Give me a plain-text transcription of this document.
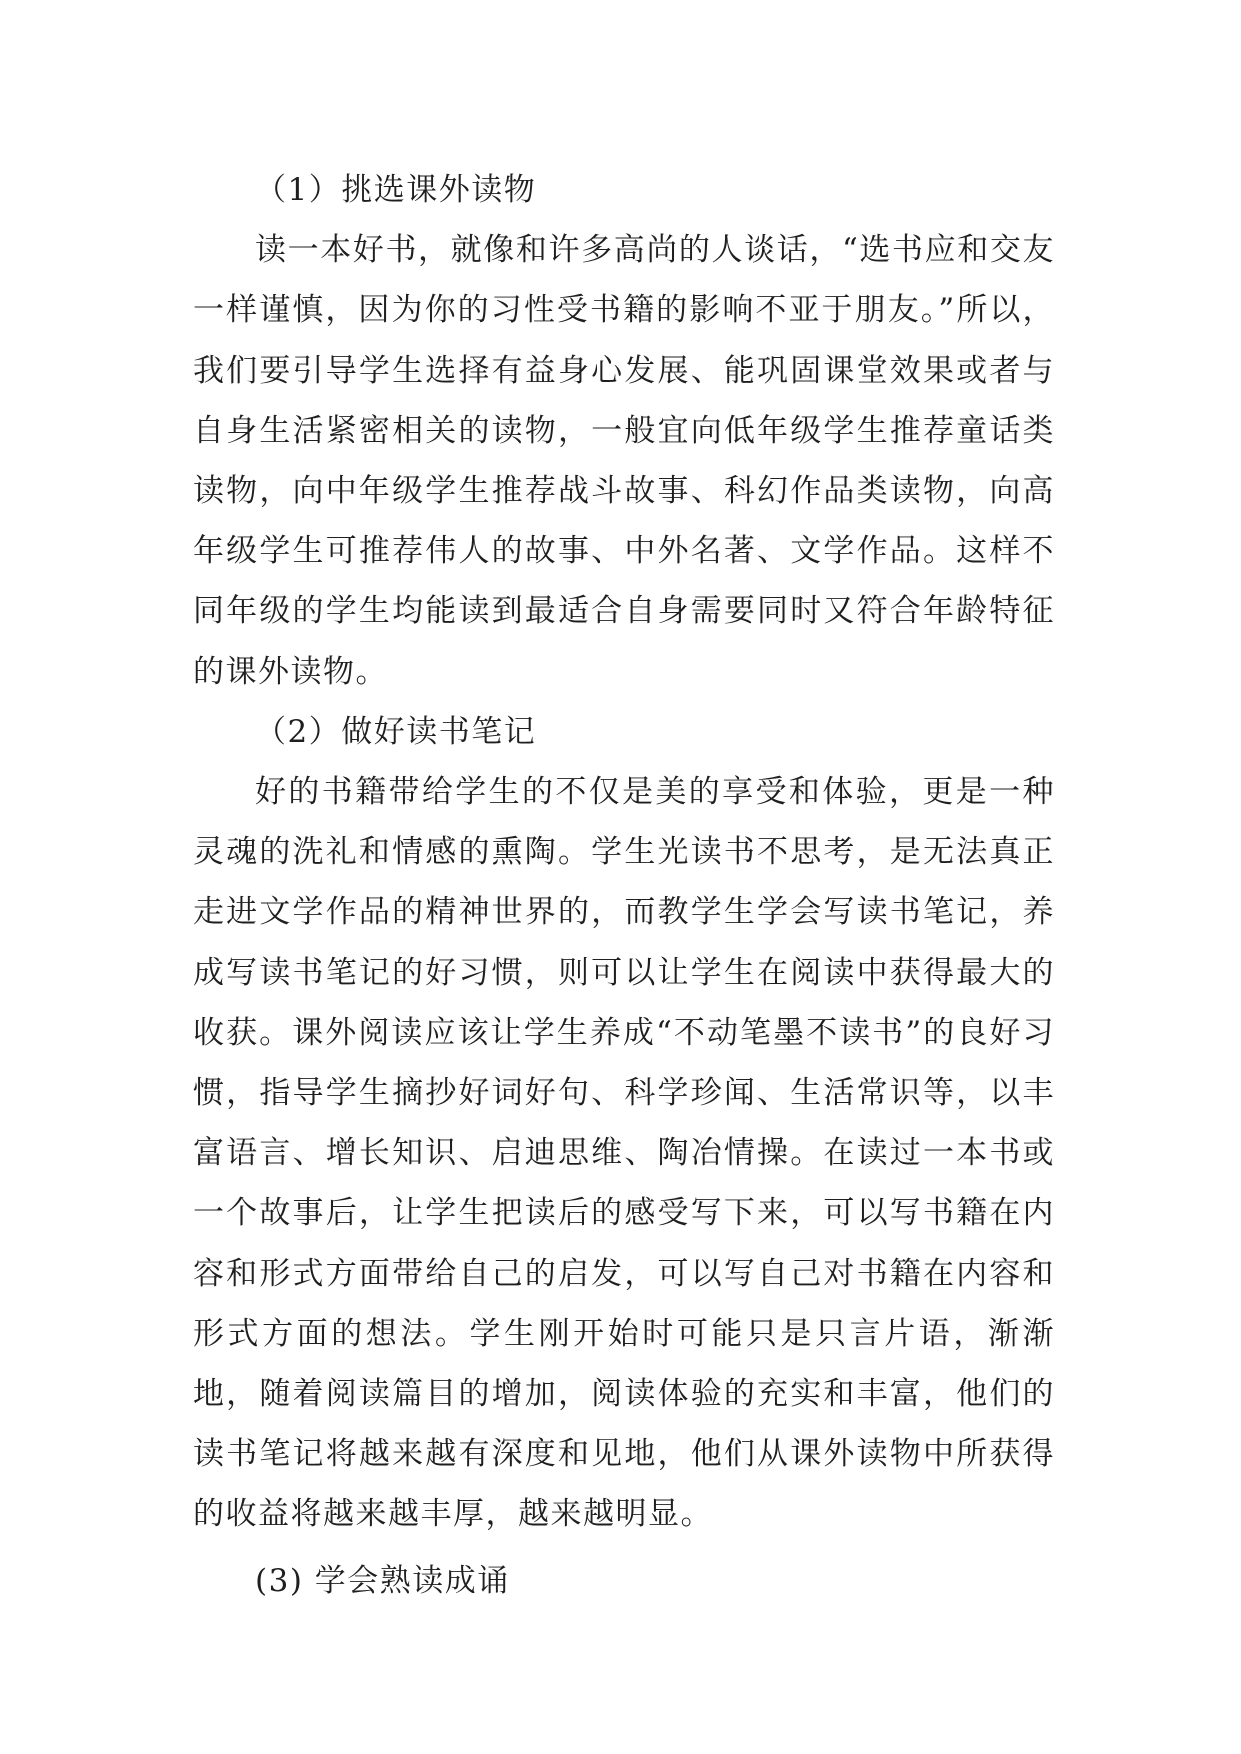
（1）挑选课外读物

读一本好书，就像和许多高尚的人谈话，“选书应和交友一样谨慎，因为你的习性受书籍的影响不亚于朋友。”所以，我们要引导学生选择有益身心发展、能巩固课堂效果或者与自身生活紧密相关的读物，一般宜向低年级学生推荐童话类读物，向中年级学生推荐战斗故事、科幻作品类读物，向高年级学生可推荐伟人的故事、中外名著、文学作品。这样不同年级的学生均能读到最适合自身需要同时又符合年龄特征的课外读物。

（2）做好读书笔记

好的书籍带给学生的不仅是美的享受和体验，更是一种灵魂的洗礼和情感的熏陶。学生光读书不思考，是无法真正走进文学作品的精神世界的，而教学生学会写读书笔记，养成写读书笔记的好习惯，则可以让学生在阅读中获得最大的收获。课外阅读应该让学生养成“不动笔墨不读书”的良好习惯，指导学生摘抄好词好句、科学珍闻、生活常识等，以丰富语言、增长知识、启迪思维、陶冶情操。在读过一本书或一个故事后，让学生把读后的感受写下来，可以写书籍在内容和形式方面带给自己的启发，可以写自己对书籍在内容和形式方面的想法。学生刚开始时可能只是只言片语，渐渐地，随着阅读篇目的增加，阅读体验的充实和丰富，他们的读书笔记将越来越有深度和见地，他们从课外读物中所获得的收益将越来越丰厚，越来越明显。

(3) 学会熟读成诵
